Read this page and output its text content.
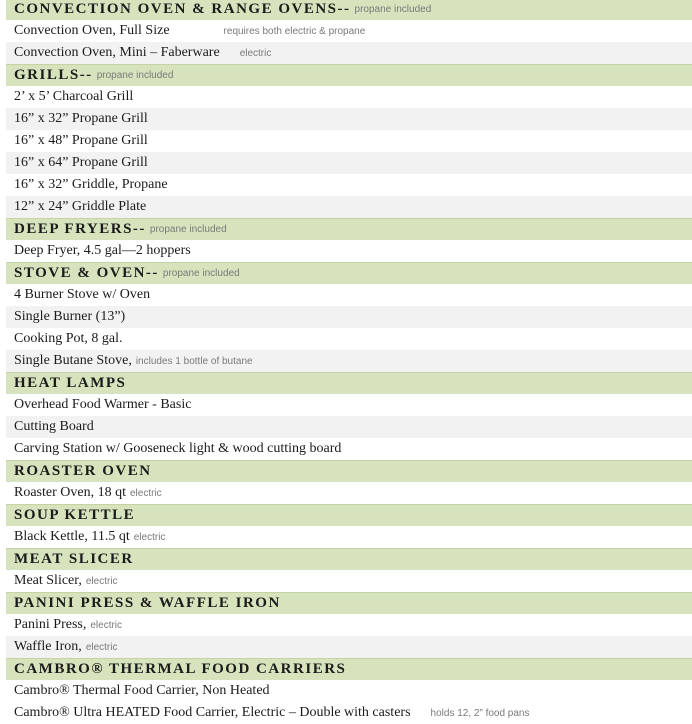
CONVECTION OVEN & RANGE OVENS-- propane included
Convection Oven, Full Size	requires both electric & propane
Convection Oven, Mini – Faberware electric
GRILLS-- propane included
2’ x 5’ Charcoal Grill
16” x 32” Propane Grill
16” x 48” Propane Grill
16” x 64” Propane Grill
16” x 32” Griddle, Propane
12” x 24” Griddle Plate
DEEP FRYERS-- propane included
Deep Fryer, 4.5 gal—2 hoppers
STOVE & OVEN-- propane included
4 Burner Stove w/ Oven
Single Burner (13”)
Cooking Pot, 8 gal.
Single Butane Stove, includes 1 bottle of butane
HEAT LAMPS
Overhead Food Warmer - Basic
Cutting Board
Carving Station w/ Gooseneck light & wood cutting board
ROASTER OVEN
Roaster Oven, 18 qt electric
SOUP KETTLE
Black Kettle, 11.5 qt electric
MEAT SLICER
Meat Slicer, electric
PANINI PRESS & WAFFLE IRON
Panini Press, electric
Waffle Iron, electric
CAMBRO® THERMAL FOOD CARRIERS
Cambro® Thermal Food Carrier, Non Heated
Cambro® Ultra HEATED Food Carrier, Electric – Double with casters holds 12, 2” food pans
